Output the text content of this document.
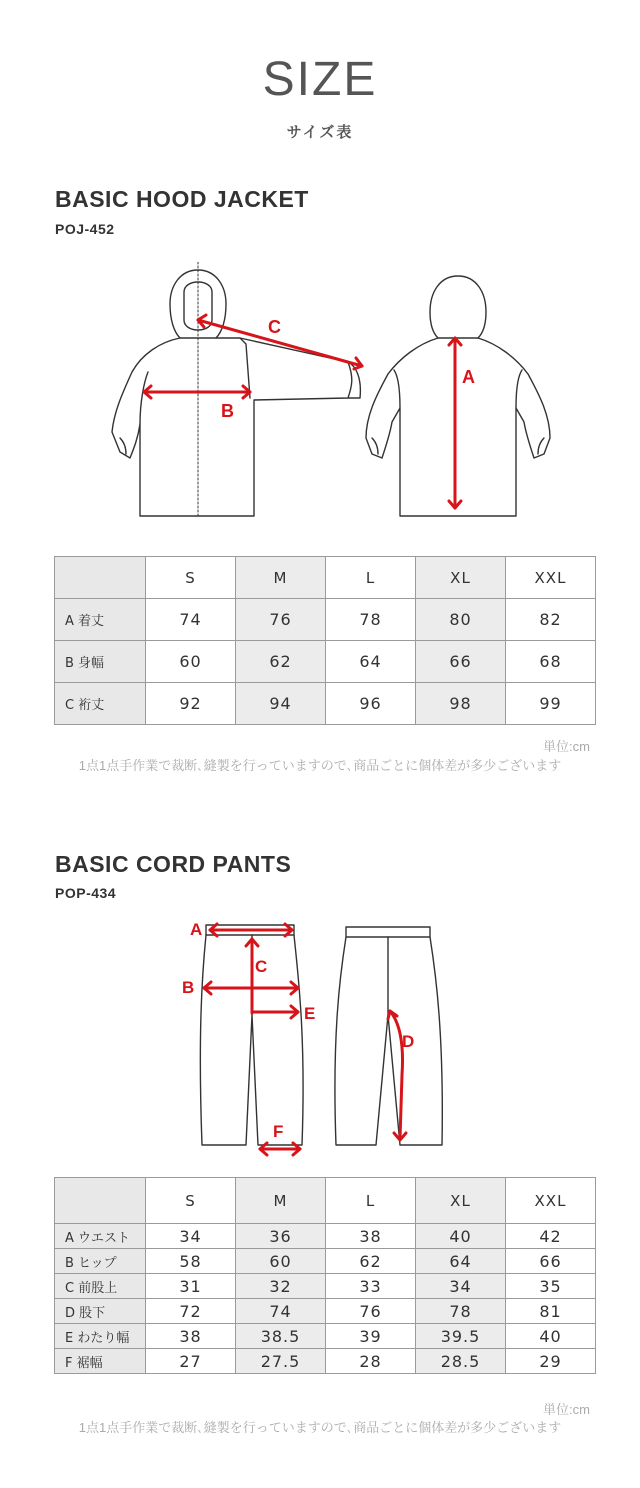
SIZE
サイズ表
BASIC HOOD JACKET
POJ-452
C
B
A
	S	M	L	XL	XXL
A 着丈	74	76	78	80	82
B 身幅	60	62	64	66	68
C 裄丈	92	94	96	98	99
単位:cm
1点1点手作業で裁断､縫製を行っていますので､商品ごとに個体差が多少ございます
BASIC CORD PANTS
POP-434
A
C
B
E
D
F
	S	M	L	XL	XXL
A ウエスト	34	36	38	40	42
B ヒップ	58	60	62	64	66
C 前股上	31	32	33	34	35
D 股下	72	74	76	78	81
E わたり幅	38	38.5	39	39.5	40
F 裾幅	27	27.5	28	28.5	29
単位:cm
1点1点手作業で裁断､縫製を行っていますので､商品ごとに個体差が多少ございます
